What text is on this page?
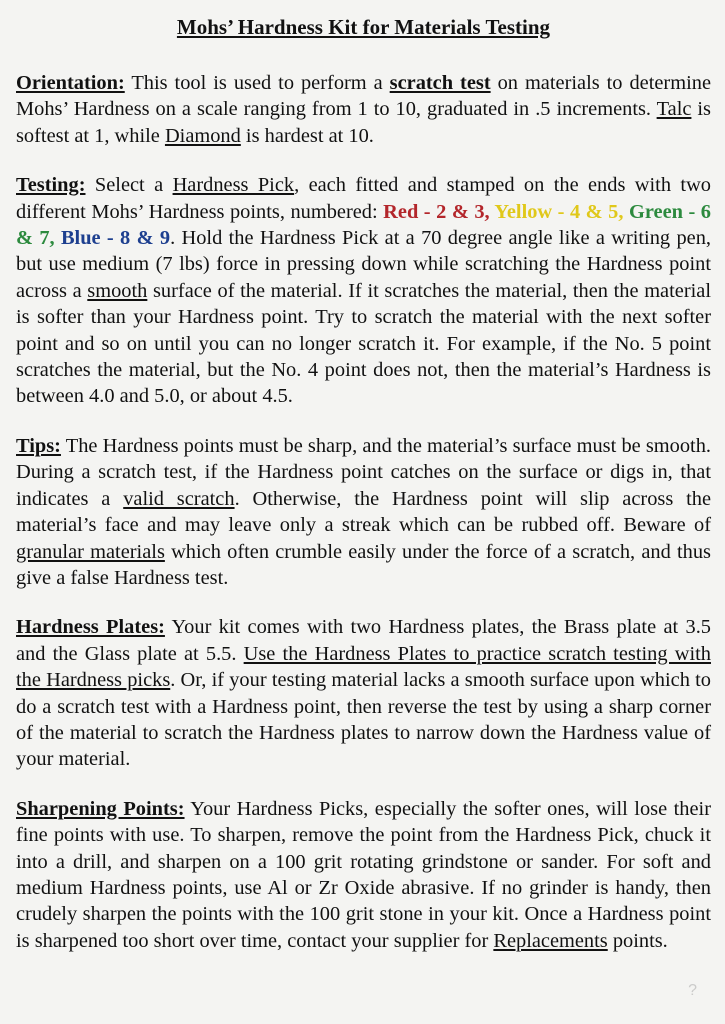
Mohs’ Hardness Kit for Materials Testing

Orientation: This tool is used to perform a scratch test on materials to determine Mohs’ Hardness on a scale ranging from 1 to 10, graduated in .5 increments. Talc is softest at 1, while Diamond is hardest at 10.

Testing: Select a Hardness Pick, each fitted and stamped on the ends with two different Mohs’ Hardness points, numbered: Red - 2 & 3, Yellow - 4 & 5, Green - 6 & 7, Blue - 8 & 9. Hold the Hardness Pick at a 70 degree angle like a writing pen, but use medium (7 lbs) force in pressing down while scratching the Hardness point across a smooth surface of the material. If it scratches the material, then the material is softer than your Hardness point. Try to scratch the material with the next softer point and so on until you can no longer scratch it. For example, if the No. 5 point scratches the material, but the No. 4 point does not, then the material’s Hardness is between 4.0 and 5.0, or about 4.5.

Tips: The Hardness points must be sharp, and the material’s surface must be smooth. During a scratch test, if the Hardness point catches on the surface or digs in, that indicates a valid scratch. Otherwise, the Hardness point will slip across the material’s face and may leave only a streak which can be rubbed off. Beware of granular materials which often crumble easily under the force of a scratch, and thus give a false Hardness test.

Hardness Plates: Your kit comes with two Hardness plates, the Brass plate at 3.5 and the Glass plate at 5.5. Use the Hardness Plates to practice scratch testing with the Hardness picks. Or, if your testing material lacks a smooth surface upon which to do a scratch test with a Hardness point, then reverse the test by using a sharp corner of the material to scratch the Hardness plates to narrow down the Hardness value of your material.

Sharpening Points: Your Hardness Picks, especially the softer ones, will lose their fine points with use. To sharpen, remove the point from the Hardness Pick, chuck it into a drill, and sharpen on a 100 grit rotating grindstone or sander. For soft and medium Hardness points, use Al or Zr Oxide abrasive. If no grinder is handy, then crudely sharpen the points with the 100 grit stone in your kit. Once a Hardness point is sharpened too short over time, contact your supplier for Replacements points.

?
